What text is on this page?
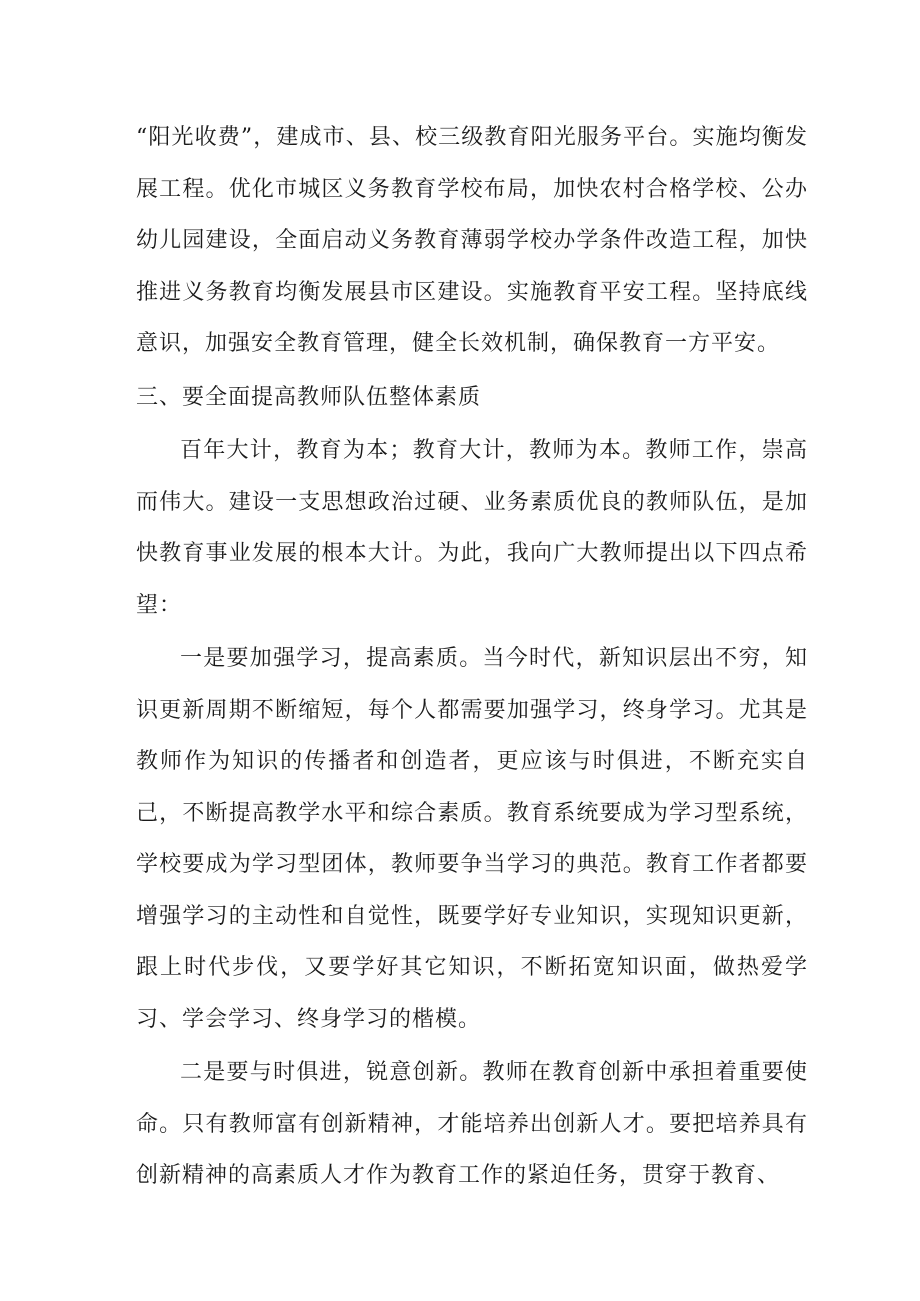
“阳光收费”，建成市、县、校三级教育阳光服务平台。实施均衡发展工程。优化市城区义务教育学校布局，加快农村合格学校、公办幼儿园建设，全面启动义务教育薄弱学校办学条件改造工程，加快推进义务教育均衡发展县市区建设。实施教育平安工程。坚持底线意识，加强安全教育管理，健全长效机制，确保教育一方平安。

三、要全面提高教师队伍整体素质

百年大计，教育为本；教育大计，教师为本。教师工作，崇高而伟大。建设一支思想政治过硬、业务素质优良的教师队伍，是加快教育事业发展的根本大计。为此，我向广大教师提出以下四点希望：

一是要加强学习，提高素质。当今时代，新知识层出不穷，知识更新周期不断缩短，每个人都需要加强学习，终身学习。尤其是教师作为知识的传播者和创造者，更应该与时俱进，不断充实自己，不断提高教学水平和综合素质。教育系统要成为学习型系统，学校要成为学习型团体，教师要争当学习的典范。教育工作者都要增强学习的主动性和自觉性，既要学好专业知识，实现知识更新，跟上时代步伐，又要学好其它知识，不断拓宽知识面，做热爱学习、学会学习、终身学习的楷模。

二是要与时俱进，锐意创新。教师在教育创新中承担着重要使命。只有教师富有创新精神，才能培养出创新人才。要把培养具有创新精神的高素质人才作为教育工作的紧迫任务，贯穿于教育、
